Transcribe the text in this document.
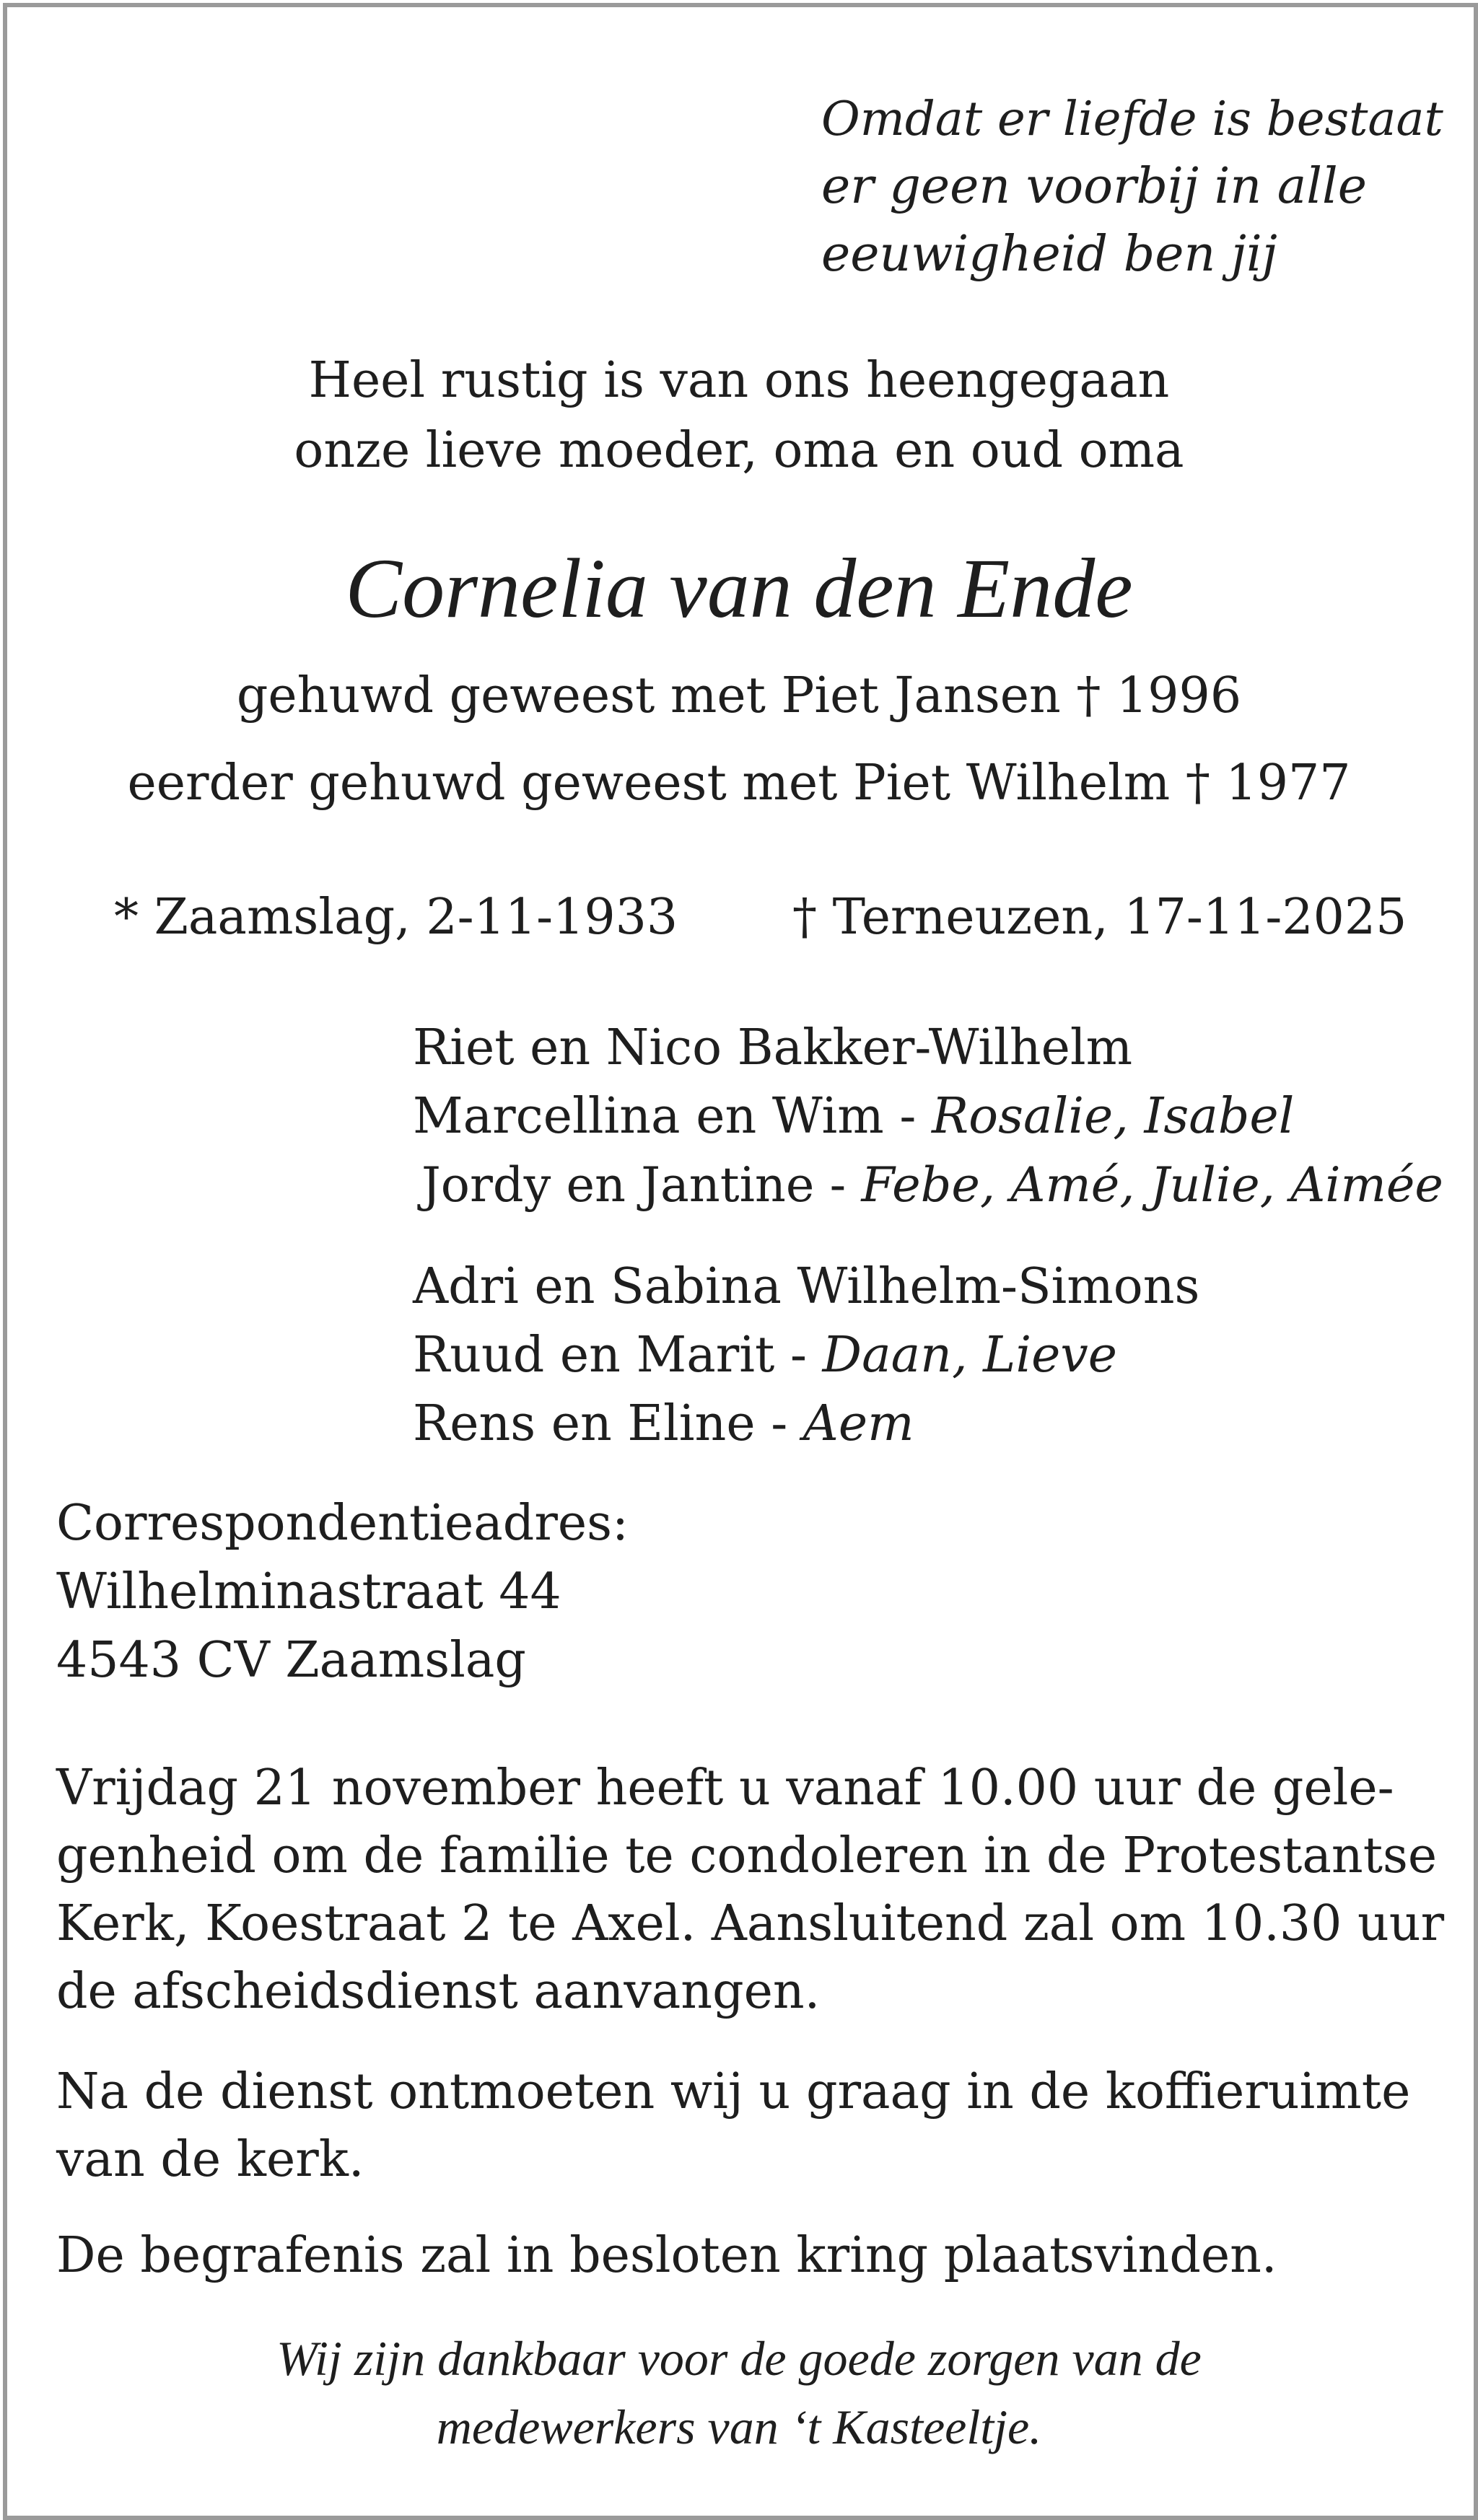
Omdat er liefde is bestaat
er geen voorbij in alle
eeuwigheid ben jij
Heel rustig is van ons heengegaan
onze lieve moeder, oma en oud oma
Cornelia van den Ende
gehuwd geweest met Piet Jansen † 1996
eerder gehuwd geweest met Piet Wilhelm † 1977
* Zaamslag, 2-11-1933 † Terneuzen, 17-11-2025
Riet en Nico Bakker-Wilhelm
Marcellina en Wim - Rosalie, Isabel
Jordy en Jantine - Febe, Amé, Julie, Aimée
Adri en Sabina Wilhelm-Simons
Ruud en Marit - Daan, Lieve
Rens en Eline - Aem
Correspondentieadres:
Wilhelminastraat 44
4543 CV Zaamslag
Vrijdag 21 november heeft u vanaf 10.00 uur de gele-
genheid om de familie te condoleren in de Protestantse
Kerk, Koestraat 2 te Axel. Aansluitend zal om 10.30 uur
de afscheidsdienst aanvangen.
Na de dienst ontmoeten wij u graag in de koffieruimte
van de kerk.
De begrafenis zal in besloten kring plaatsvinden.
Wij zijn dankbaar voor de goede zorgen van de
medewerkers van ‘t Kasteeltje.
